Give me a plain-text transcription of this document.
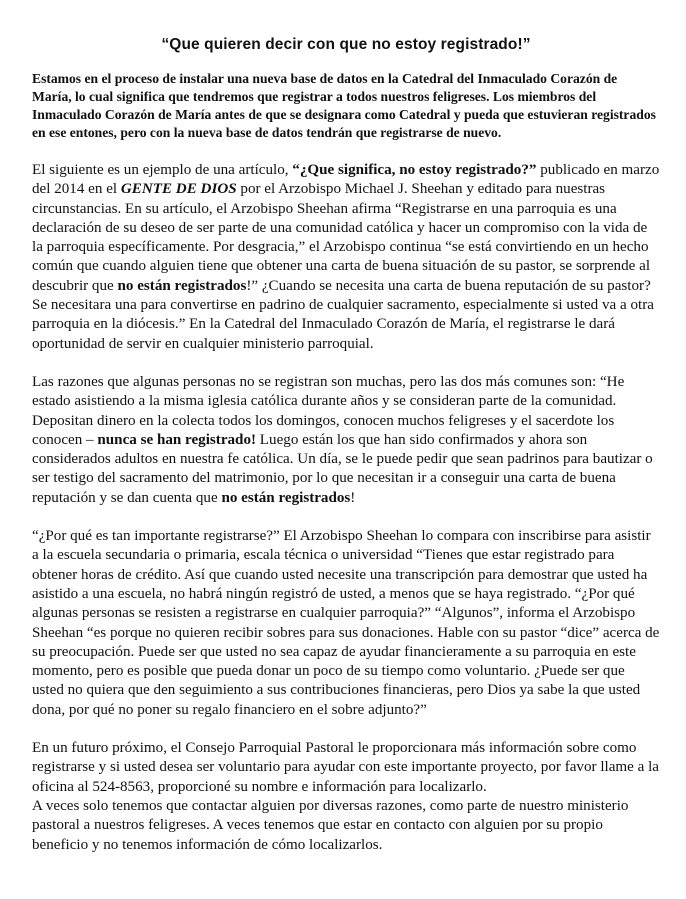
“Que quieren decir con que no estoy registrado!”

Estamos en el proceso de instalar una nueva base de datos en la Catedral del Inmaculado Corazón de María, lo cual significa que tendremos que registrar a todos nuestros feligreses. Los miembros del Inmaculado Corazón de María antes de que se designara como Catedral y pueda que estuvieran registrados en ese entones, pero con la nueva base de datos tendrán que registrarse de nuevo.

El siguiente es un ejemplo de una artículo, “¿Que significa, no estoy registrado?” publicado en marzo del 2014 en el GENTE DE DIOS por el Arzobispo Michael J. Sheehan y editado para nuestras circunstancias. En su artículo, el Arzobispo Sheehan afirma “Registrarse en una parroquia es una declaración de su deseo de ser parte de una comunidad católica y hacer un compromiso con la vida de la parroquia específicamente. Por desgracia,” el Arzobispo continua “se está convirtiendo en un hecho común que cuando alguien tiene que obtener una carta de buena situación de su pastor, se sorprende al descubrir que no están registrados!” ¿Cuando se necesita una carta de buena reputación de su pastor? Se necesitara una para convertirse en padrino de cualquier sacramento, especialmente si usted va a otra parroquia en la diócesis.” En la Catedral del Inmaculado Corazón de María, el registrarse le dará oportunidad de servir en cualquier ministerio parroquial.

Las razones que algunas personas no se registran son muchas, pero las dos más comunes son: “He estado asistiendo a la misma iglesia católica durante años y se consideran parte de la comunidad. Depositan dinero en la colecta todos los domingos, conocen muchos feligreses y el sacerdote los conocen – nunca se han registrado! Luego están los que han sido confirmados y ahora son considerados adultos en nuestra fe católica. Un día, se le puede pedir que sean padrinos para bautizar o ser testigo del sacramento del matrimonio, por lo que necesitan ir a conseguir una carta de buena reputación y se dan cuenta que no están registrados!

“¿Por qué es tan importante registrarse?” El Arzobispo Sheehan lo compara con inscribirse para asistir a la escuela secundaria o primaria, escala técnica o universidad “Tienes que estar registrado para obtener horas de crédito. Así que cuando usted necesite una transcripción para demostrar que usted ha asistido a una escuela, no habrá ningún registró de usted, a menos que se haya registrado. “¿Por qué algunas personas se resisten a registrarse en cualquier parroquia?” “Algunos”, informa el Arzobispo Sheehan “es porque no quieren recibir sobres para sus donaciones. Hable con su pastor “dice” acerca de su preocupación. Puede ser que usted no sea capaz de ayudar financieramente a su parroquia en este momento, pero es posible que pueda donar un poco de su tiempo como voluntario. ¿Puede ser que usted no quiera que den seguimiento a sus contribuciones financieras, pero Dios ya sabe la que usted dona, por qué no poner su regalo financiero en el sobre adjunto?”

En un futuro próximo, el Consejo Parroquial Pastoral le proporcionara más información sobre como registrarse y si usted desea ser voluntario para ayudar con este importante proyecto, por favor llame a la oficina al 524-8563, proporcioné su nombre e información para localizarlo.

A veces solo tenemos que contactar alguien por diversas razones, como parte de nuestro ministerio pastoral a nuestros feligreses. A veces tenemos que estar en contacto con alguien por su propio beneficio y no tenemos información de cómo localizarlos.
